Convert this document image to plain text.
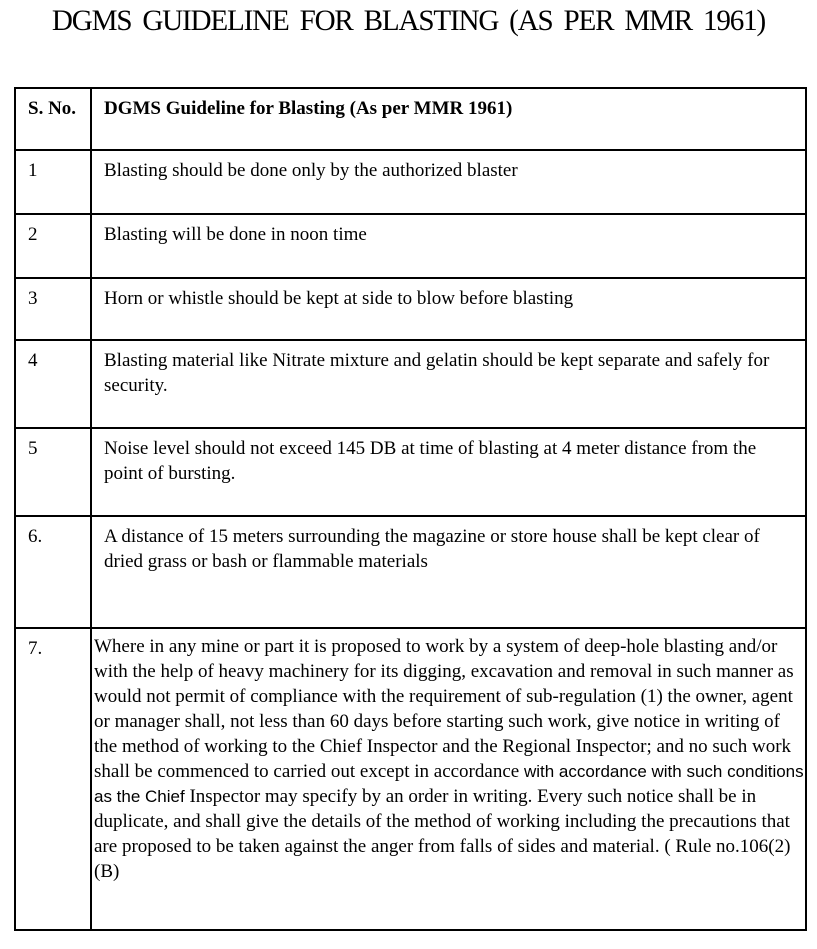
DGMS GUIDELINE FOR BLASTING (AS PER MMR 1961)
S. No.	DGMS Guideline for Blasting (As per MMR 1961)
1	Blasting should be done only by the authorized blaster
2	Blasting will be done in noon time
3	Horn or whistle should be kept at side to blow before blasting
4	Blasting material like Nitrate mixture and gelatin should be kept separate and safely for security.
5	Noise level should not exceed 145 DB at time of blasting at 4 meter distance from the point of bursting.
6.	A distance of 15 meters surrounding the magazine or store house shall be kept clear of dried grass or bash or flammable materials
7.	Where in any mine or part it is proposed to work by a system of deep-hole blasting and/or with the help of heavy machinery for its digging, excavation and removal in such manner as would not permit of compliance with the requirement of sub-regulation (1) the owner, agent or manager shall, not less than 60 days before starting such work, give notice in writing of the method of working to the Chief Inspector and the Regional Inspector; and no such work shall be commenced to carried out except in accordance with accordance with such conditions as the Chief Inspector may specify by an order in writing. Every such notice shall be in duplicate, and shall give the details of the method of working including the precautions that are proposed to be taken against the anger from falls of sides and material. ( Rule no.106(2)(B)
